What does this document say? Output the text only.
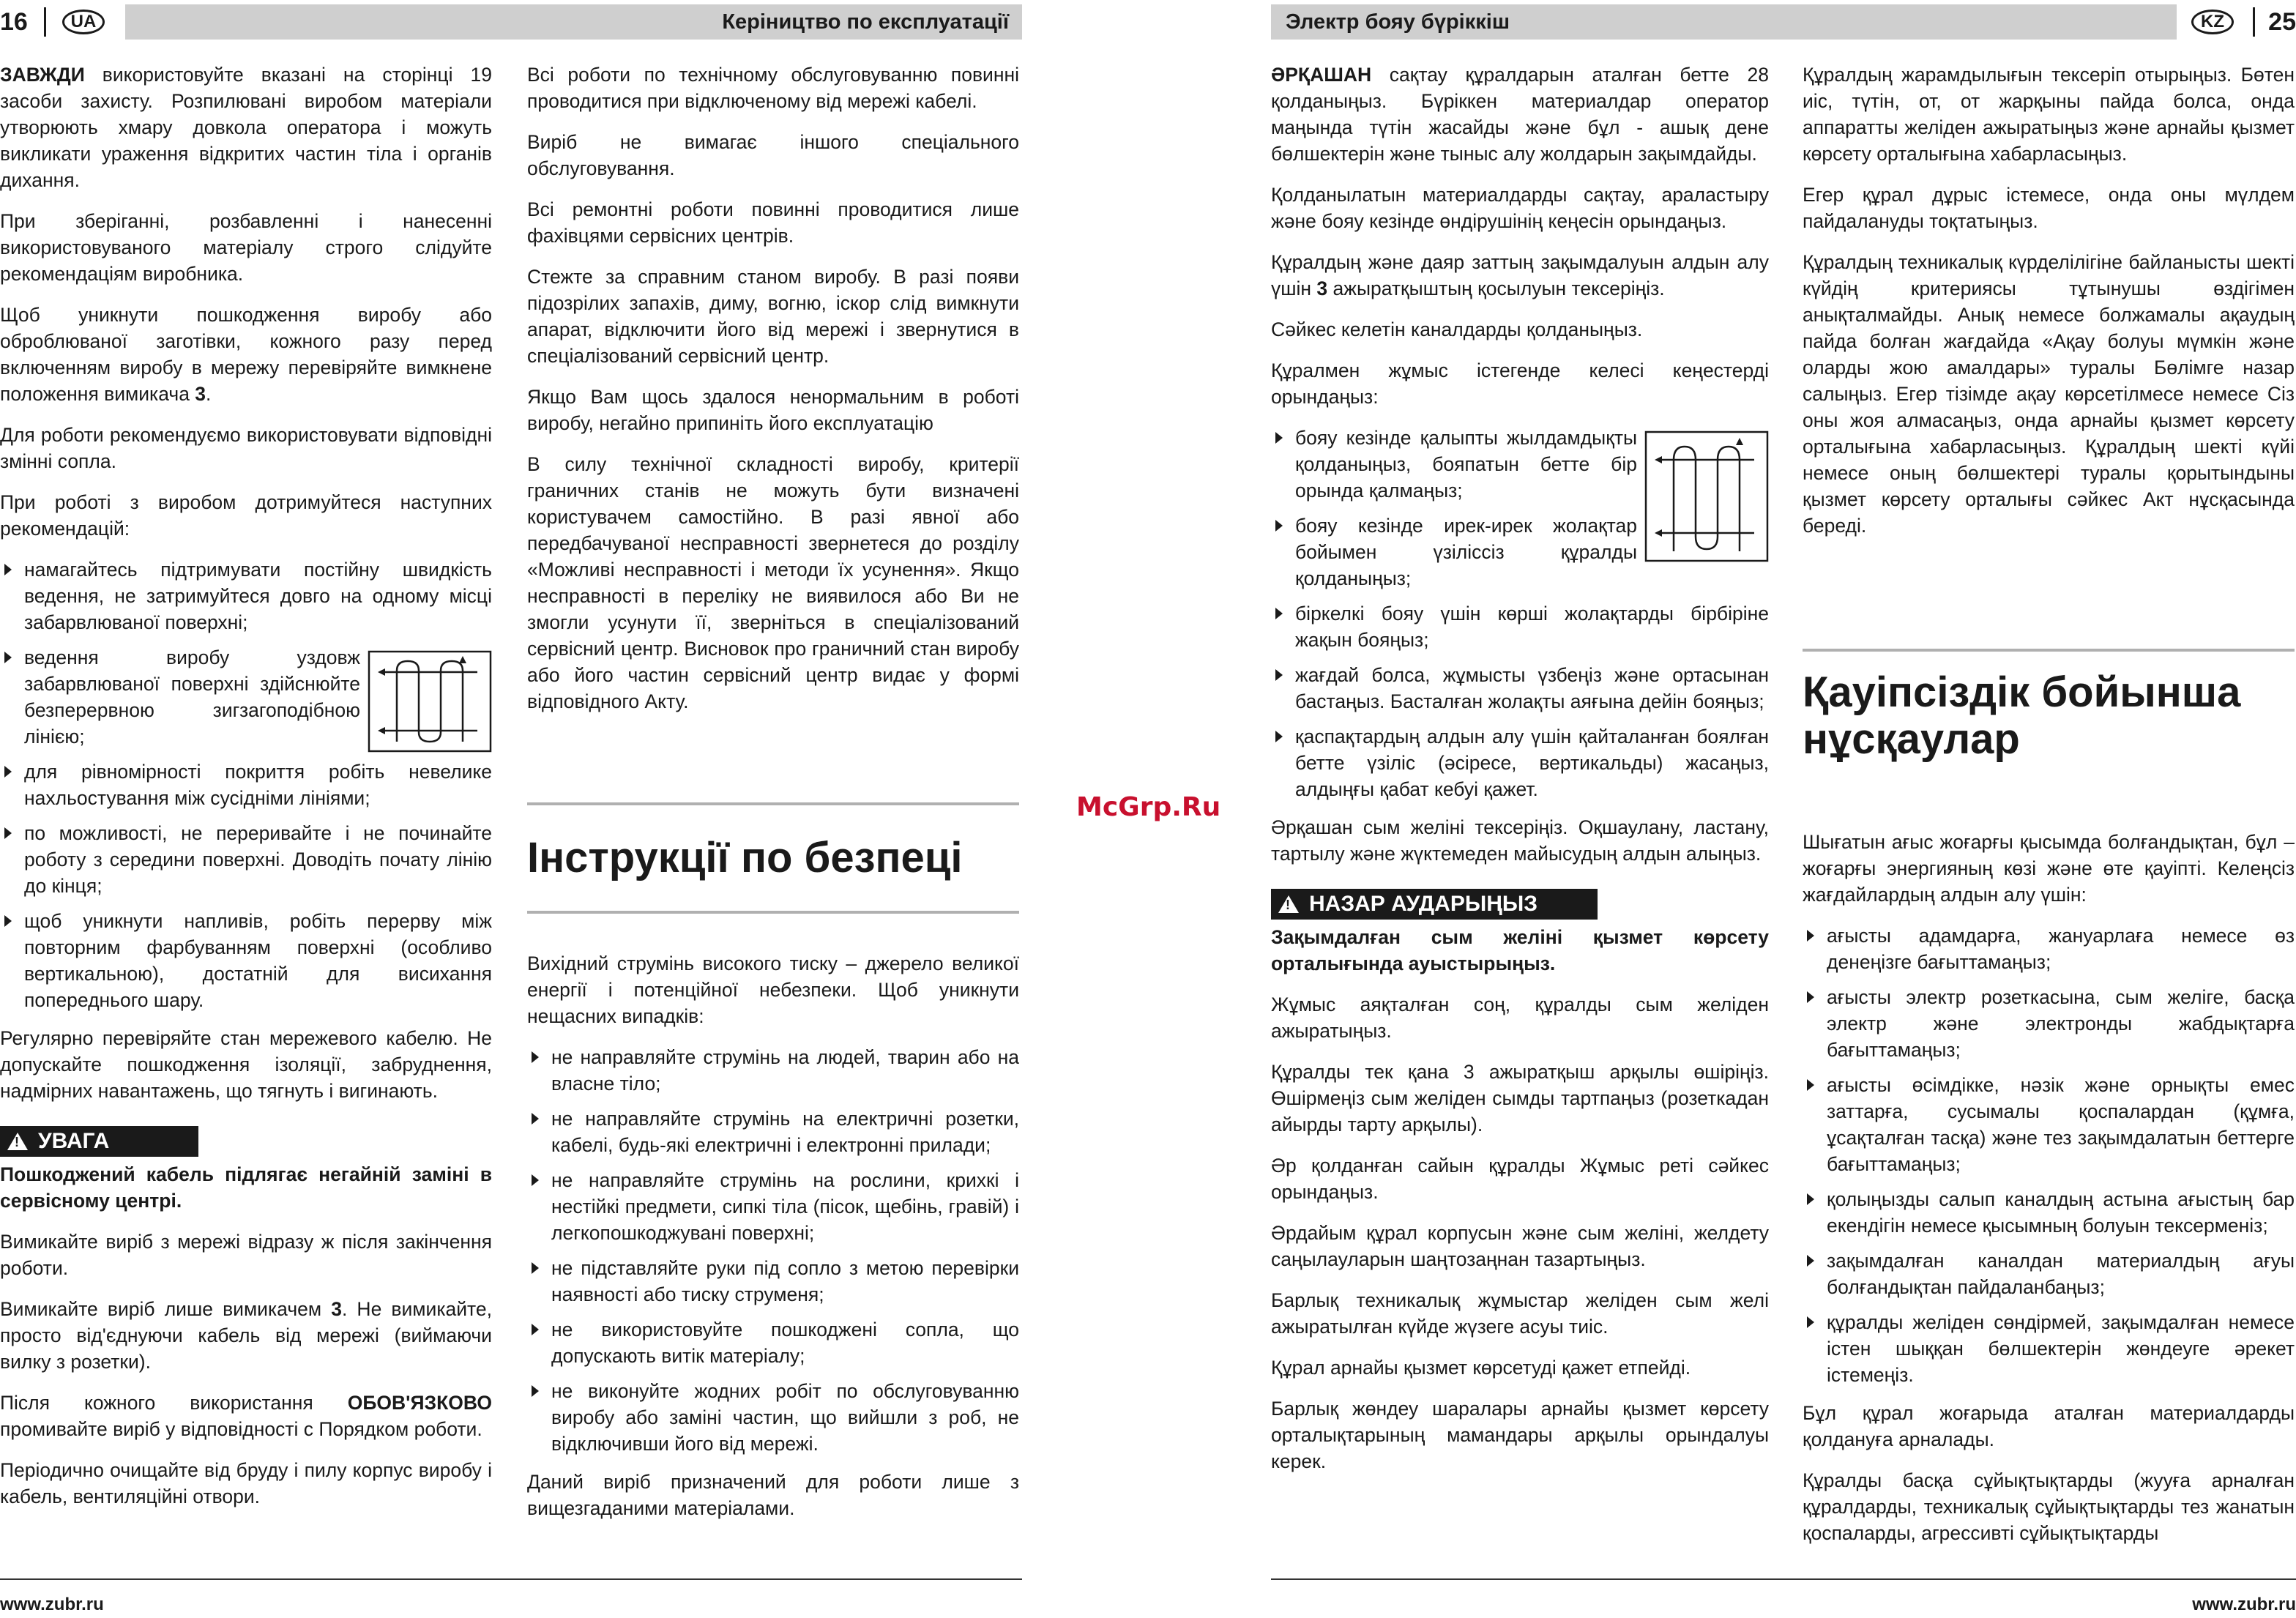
16	UA	Керіництво по експлуатації

ЗАВЖДИ використовуйте вказані на сторінці 19 засоби захисту. Розпилювані виробом матеріали утворюють хмару довкола оператора і можуть викликати ураження відкритих частин тіла і органів дихання.

При зберіганні, розбавленні і нанесенні використовуваного матеріалу строго слідуйте рекомендаціям виробника.

Щоб уникнути пошкодження виробу або оброблюваної заготівки, кожного разу перед включенням виробу в мережу перевіряйте вимкнене положення вимикача 3.

Для роботи рекомендуємо використовувати відповідні змінні сопла.

При роботі з виробом дотримуйтеся наступних рекомендацій:

намагайтесь підтримувати постійну швидкість ведення, не затримуйтеся довго на одному місці забарвлюваної поверхні;
ведення виробу уздовж забарвлюваної поверхні здійснюйте безперервною зигзагоподібною лінією;
для рівномірності покриття робіть невелике нахльостування між сусідніми лініями;
по можливості, не переривайте і не починайте роботу з середини поверхні. Доводіть почату лінію до кінця;
щоб уникнути напливів, робіть перерву між повторним фарбуванням поверхні (особливо вертикальною), достатній для висихання попереднього шару.

Регулярно перевіряйте стан мережевого кабелю. Не допускайте пошкодження ізоляції, забруднення, надмірних навантажень, що тягнуть і вигинають.

! УВАГА

Пошкоджений кабель підлягає негайній заміні в сервісному центрі.

Вимикайте виріб з мережі відразу ж після закінчення роботи.

Вимикайте виріб лише вимикачем 3. Не вимикайте, просто від'єднуючи кабель від мережі (виймаючи вилку з розетки).

Після кожного використання ОБОВ'ЯЗКОВО промивайте виріб у відповідності с Порядком роботи.

Періодично очищайте від бруду і пилу корпус виробу і кабель, вентиляційні отвори.

Всі роботи по технічному обслуговуванню повинні проводитися при відключеному від мережі кабелі.

Виріб не вимагає іншого спеціального обслуговування.

Всі ремонтні роботи повинні проводитися лише фахівцями сервісних центрів.

Стежте за справним станом виробу. В разі появи підозрілих запахів, диму, вогню, іскор слід вимкнути апарат, відключити його від мережі і звернутися в спеціалізований сервісний центр.

Якщо Вам щось здалося ненормальним в роботі виробу, негайно припиніть його експлуатацію

В силу технічної складності виробу, критерії граничних станів не можуть бути визначені користувачем самостійно. В разі явної або передбачуваної несправності звернетеся до розділу «Можливі несправності і методи їх усунення». Якщо несправності в переліку не виявилося або Ви не змогли усунути її, зверніться в спеціалізований сервісний центр. Висновок про граничний стан виробу або його частин сервісний центр видає у формі відповідного Акту.

Інструкції по безпеці

Вихідний струмінь високого тиску – джерело великої енергії і потенційної небезпеки. Щоб уникнути нещасних випадків:

не направляйте струмінь на людей, тварин або на власне тіло;
не направляйте струмінь на електричні розетки, кабелі, будь-які електричні і електронні прилади;
не направляйте струмінь на рослини, крихкі і нестійкі предмети, сипкі тіла (пісок, щебінь, гравій) і легкопошкоджувані поверхні;
не підставляйте руки під сопло з метою перевірки наявності або тиску струменя;
не використовуйте пошкоджені сопла, що допускають витік матеріалу;
не виконуйте жодних робіт по обслуговуванню виробу або заміні частин, що вийшли з роб, не відключивши його від мережі.

Даний виріб призначений для роботи лише з вищезгаданими матеріалами.

www.zubr.ru
McGrp.Ru
Электр бояу бүріккіш	KZ	25

ӘРҚАШАН сақтау құралдарын аталған бетте 28 қолданыңыз. Бүріккен материалдар оператор маңында түтін жасайды және бұл - ашық дене бөлшектерін және тыныс алу жолдарын зақымдайды.

Қолданылатын материалдарды сақтау, араластыру және бояу кезінде өндірушінің кеңесін орындаңыз.

Құралдың және даяр заттың зақымдалуын алдын алу үшін 3 ажыратқыштың қосылуын тексеріңіз.

Сәйкес келетін каналдарды қолданыңыз.

Құралмен жұмыс істегенде келесі кеңестерді орындаңыз:

бояу кезінде қалыпты жылдамдықты қолданыңыз, бояпатын бетте бір орында қалмаңыз;
бояу кезінде ирек-ирек жолақтар бойымен үзіліссіз құралды қолданыңыз;
біркелкі бояу үшін көрші жолақтарды бірбіріне жақын бояңыз;
жағдай болса, жұмысты үзбеңіз және ортасынан бастаңыз. Басталған жолақты аяғына дейін бояңыз;
қаспақтардың алдын алу үшін қайталанған боялған бетте үзіліс (әсіресе, вертикальды) жасаңыз, алдыңғы қабат кебуі қажет.

Әрқашан сым желіні тексеріңіз. Оқшаулану, ластану, тартылу және жүктемеден майысудың алдын алыңыз.

! НАЗАР АУДАРЫҢЫЗ

Зақымдалған сым желіні қызмет көрсету орталығында ауыстырыңыз.

Жұмыс аяқталған соң, құралды сым желіден ажыратыңыз.

Құралды тек қана 3 ажыратқыш арқылы өшіріңіз. Өшірмеңіз сым желіден сымды тартпаңыз (розеткадан айырды тарту арқылы).

Әр қолданған сайын құралды Жұмыс реті сәйкес орындаңыз.

Әрдайым құрал корпусын және сым желіні, желдету саңылауларын шаңтозаңнан тазартыңыз.

Барлық техникалық жұмыстар желіден сым желі ажыратылған күйде жүзеге асуы тиіс.

Құрал арнайы қызмет көрсетуді қажет етпейді.

Барлық жөндеу шаралары арнайы қызмет көрсету орталықтарының мамандары арқылы орындалуы керек.

Құралдың жарамдылығын тексеріп отырыңыз. Бөтен иіс, түтін, от, от жарқыны пайда болса, онда аппаратты желіден ажыратыңыз және арнайы қызмет көрсету орталығына хабарласыңыз.

Егер құрал дұрыс істемесе, онда оны мүлдем пайдалануды тоқтатыңыз.

Құралдың техникалық күрделілігіне байланысты шекті күйдің критериясы тұтынушы өздігімен анықталмайды. Анық немесе болжамалы ақаудың пайда болған жағдайда «Ақау болуы мүмкін және оларды жою амалдары» туралы Бөлімге назар салыңыз. Егер тізімде ақау көрсетілмесе немесе Сіз оны жоя алмасаңыз, онда арнайы қызмет көрсету орталығына хабарласыңыз. Құралдың шекті күйі немесе оның бөлшектері туралы қорытындыны қызмет көрсету орталығы сәйкес Акт нұсқасында береді.

Қауіпсіздік бойынша нұсқаулар

Шығатын ағыс жоғарғы қысымда болғандықтан, бұл – жоғарғы энергияның көзі және өте қауіпті. Келеңсіз жағдайлардың алдын алу үшін:

ағысты адамдарға, жануарлаға немесе өз денеңізге бағыттамаңыз;
ағысты электр розеткасына, сым желіге, басқа электр және электронды жабдықтарға бағыттамаңыз;
ағысты өсімдікке, нәзік және орнықты емес заттарға, сусымалы қоспалардан (құмға, ұсақталған тасқа) және тез зақымдалатын беттерге бағыттамаңыз;
қолыңызды салып каналдың астына ағыстың бар екендігін немесе қысымның болуын тексерменіз;
зақымдалған каналдан материалдың ағуы болғандықтан пайдаланбаңыз;
құралды желіден сөндірмей, зақымдалған немесе істен шыққан бөлшектерін жөндеуге әрекет істемеңіз.

Бұл құрал жоғарыда аталған материалдарды қолдануға арналады.

Құралды басқа сұйықтықтарды (жууға арналған құралдарды, техникалық сұйықтықтарды тез жанатын қоспаларды, агрессивті сұйықтықтарды

www.zubr.ru
